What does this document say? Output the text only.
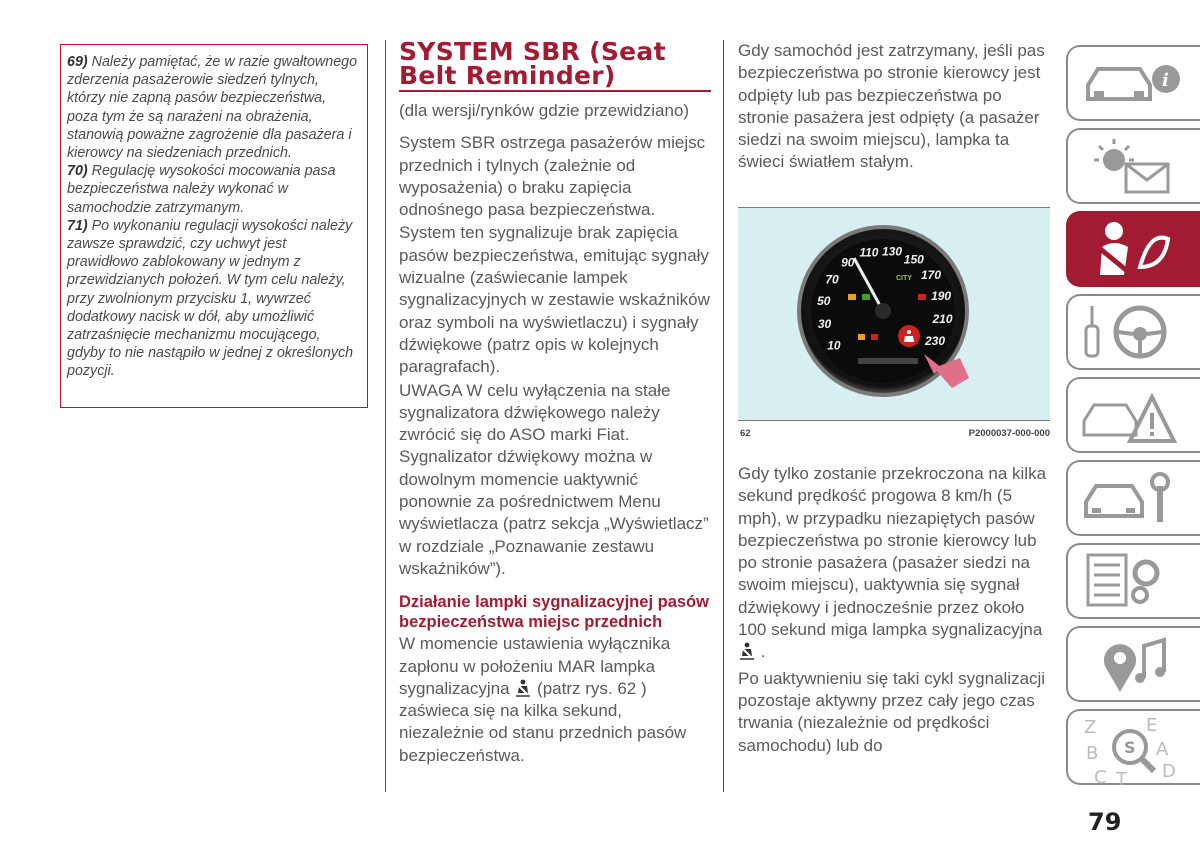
69) Należy pamiętać, że w razie gwałtownego zderzenia pasażerowie siedzeń tylnych, którzy nie zapną pasów bezpieczeństwa, poza tym że są narażeni na obrażenia, stanowią poważne zagrożenie dla pasażera i kierowcy na siedzeniach przednich.

70) Regulację wysokości mocowania pasa bezpieczeństwa należy wykonać w samochodzie zatrzymanym.

71) Po wykonaniu regulacji wysokości należy zawsze sprawdzić, czy uchwyt jest prawidłowo zablokowany w jednym z przewidzianych położeń. W tym celu należy, przy zwolnionym przycisku 1, wywrzeć dodatkowy nacisk w dół, aby umożliwić zatrzaśnięcie mechanizmu mocującego, gdyby to nie nastąpiło w jednej z określonych pozycji.

SYSTEM SBR (Seat
Belt Reminder)

(dla wersji/rynków gdzie przewidziano)

System SBR ostrzega pasażerów miejsc przednich i tylnych (zależnie od wyposażenia) o braku zapięcia odnośnego pasa bezpieczeństwa.

System ten sygnalizuje brak zapięcia pasów bezpieczeństwa, emitując sygnały wizualne (zaświecanie lampek sygnalizacyjnych w zestawie wskaźników oraz symboli na wyświetlaczu) i sygnały dźwiękowe (patrz opis w kolejnych paragrafach).

UWAGA W celu wyłączenia na stałe sygnalizatora dźwiękowego należy zwrócić się do ASO marki Fiat. Sygnalizator dźwiękowy można w dowolnym momencie uaktywnić ponownie za pośrednictwem Menu wyświetlacza (patrz sekcja „Wyświetlacz” w rozdziale „Poznawanie zestawu wskaźników”).

Działanie lampki sygnalizacyjnej pasów bezpieczeństwa miejsc przednich

W momencie ustawienia wyłącznika zapłonu w położeniu MAR lampka sygnalizacyjna (patrz rys. 62 ) zaświeca się na kilka sekund, niezależnie od stanu przednich pasów bezpieczeństwa.

Gdy samochód jest zatrzymany, jeśli pas bezpieczeństwa po stronie kierowcy jest odpięty lub pas bezpieczeństwa po stronie pasażera jest odpięty (a pasażer siedzi na swoim miejscu), lampka ta świeci światłem stałym.

10
30
50
70
90
110 130
150
170
190
210
230
CITY
62	P2000037-000-000

Gdy tylko zostanie przekroczona na kilka sekund prędkość progowa 8 km/h (5 mph), w przypadku niezapiętych pasów bezpieczeństwa po stronie kierowcy lub po stronie pasażera (pasażer siedzi na swoim miejscu), uaktywnia się sygnał dźwiękowy i jednocześnie przez około 100 sekund miga lampka sygnalizacyjna  .

Po uaktywnieniu się taki cykl sygnalizacji pozostaje aktywny przez cały jego czas trwania (niezależnie od prędkości samochodu) lub do

i
Z	E
B	A
C T D
S
79
